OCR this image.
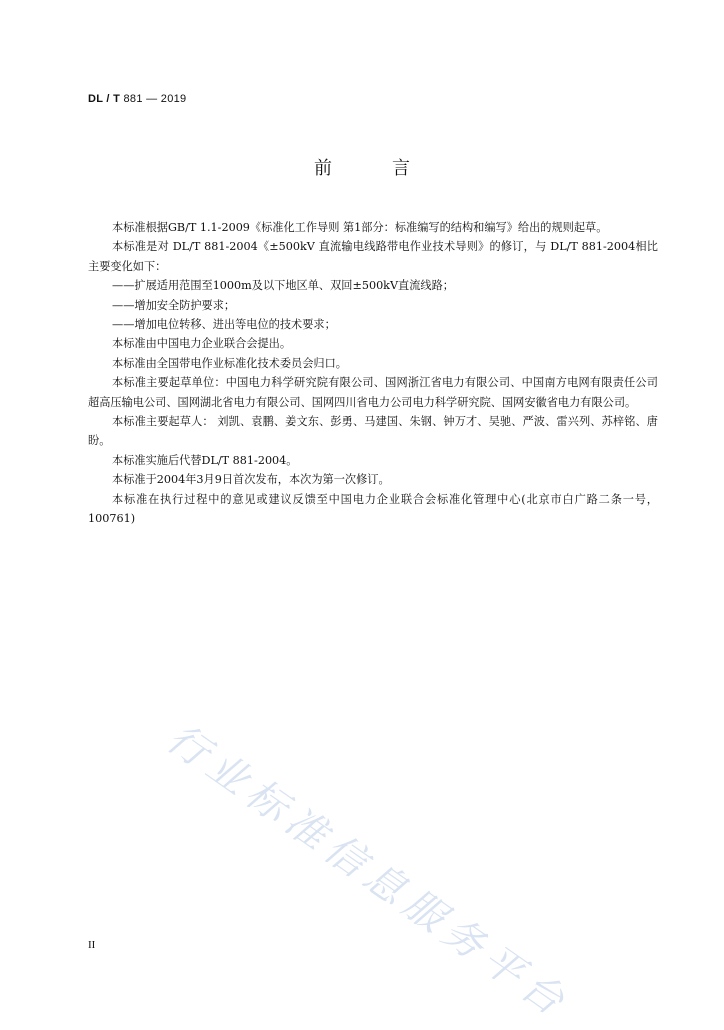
DL / T 881 — 2019
前	言

本标准根据GB/T 1.1-2009《标准化工作导则 第1部分：标准编写的结构和编写》给出的规则起草。

本标准是对 DL/T 881-2004《±500kV 直流输电线路带电作业技术导则》的修订，与 DL/T 881-2004相比主要变化如下：

——扩展适用范围至1000m及以下地区单、双回±500kV直流线路；

——增加安全防护要求；

——增加电位转移、进出等电位的技术要求；

本标准由中国电力企业联合会提出。

本标准由全国带电作业标准化技术委员会归口。

本标准主要起草单位：中国电力科学研究院有限公司、国网浙江省电力有限公司、中国南方电网有限责任公司超高压输电公司、国网湖北省电力有限公司、国网四川省电力公司电力科学研究院、国网安徽省电力有限公司。

本标准主要起草人： 刘凯、袁鹏、姜文东、彭勇、马建国、朱钢、钟万才、吴驰、严波、雷兴列、苏梓铭、唐盼。

本标准实施后代替DL/T 881-2004。

本标准于2004年3月9日首次发布，本次为第一次修订。

本标准在执行过程中的意见或建议反馈至中国电力企业联合会标准化管理中心(北京市白广路二条一号，100761)

行业标准信息服务平台
II
